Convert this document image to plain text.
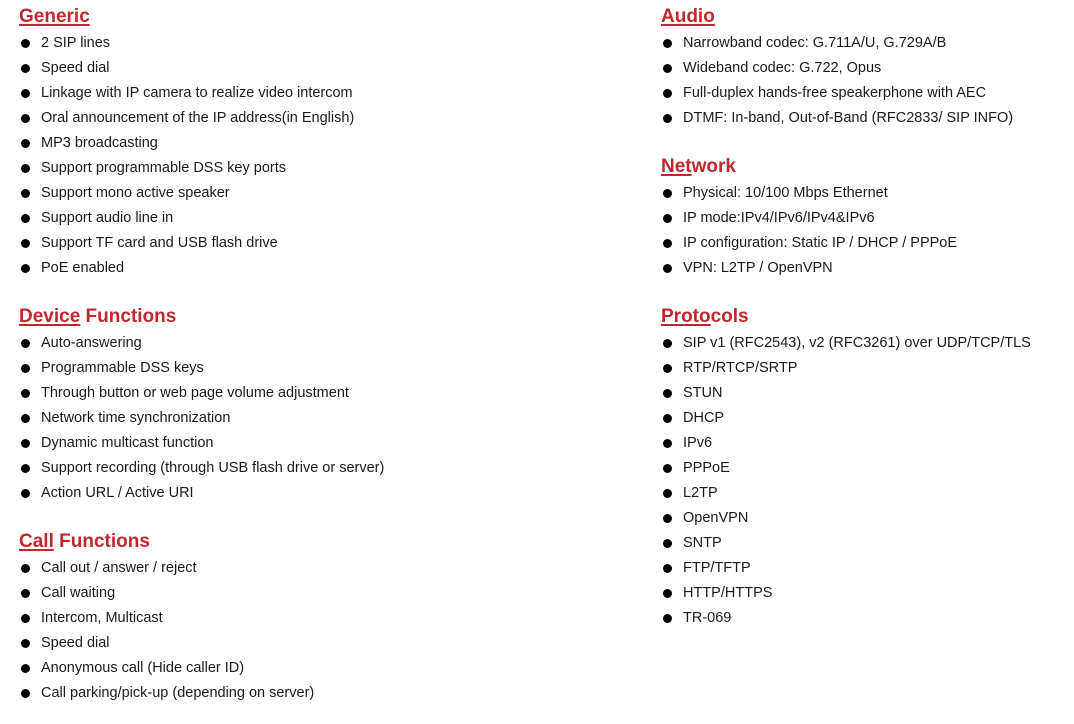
Generic
2 SIP lines
Speed dial
Linkage with IP camera to realize video intercom
Oral announcement of the IP address(in English)
MP3 broadcasting
Support programmable DSS key ports
Support mono active speaker
Support audio line in
Support TF card and USB flash drive
PoE enabled
Device Functions
Auto-answering
Programmable DSS keys
Through button or web page volume adjustment
Network time synchronization
Dynamic multicast function
Support recording (through USB flash drive or server)
Action URL / Active URI
Call Functions
Call out / answer / reject
Call waiting
Intercom, Multicast
Speed dial
Anonymous call (Hide caller ID)
Call parking/pick-up (depending on server)
Audio
Narrowband codec: G.711A/U, G.729A/B
Wideband codec: G.722, Opus
Full-duplex hands-free speakerphone with AEC
DTMF: In-band, Out-of-Band (RFC2833/ SIP INFO)
Network
Physical: 10/100 Mbps Ethernet
IP mode:IPv4/IPv6/IPv4&IPv6
IP configuration: Static IP / DHCP / PPPoE
VPN: L2TP / OpenVPN
Protocols
SIP v1 (RFC2543), v2 (RFC3261) over UDP/TCP/TLS
RTP/RTCP/SRTP
STUN
DHCP
IPv6
PPPoE
L2TP
OpenVPN
SNTP
FTP/TFTP
HTTP/HTTPS
TR-069
